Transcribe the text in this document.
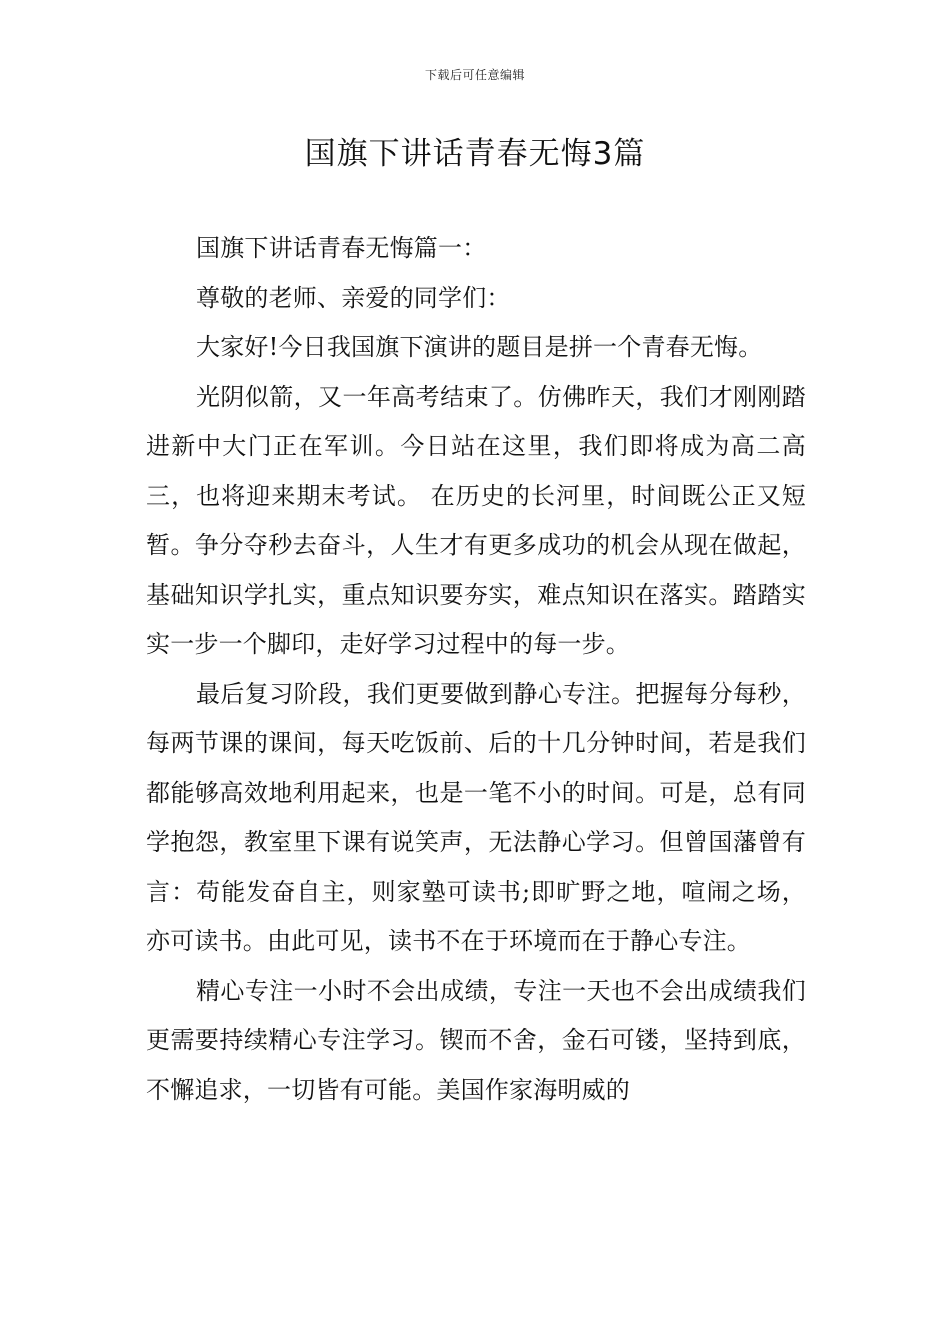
下载后可任意编辑
国旗下讲话青春无悔3篇

国旗下讲话青春无悔篇一：

尊敬的老师、亲爱的同学们：

大家好!今日我国旗下演讲的题目是拼一个青春无悔。

光阴似箭，又一年高考结束了。仿佛昨天，我们才刚刚踏进新中大门正在军训。今日站在这里，我们即将成为高二高三，也将迎来期末考试。 在历史的长河里，时间既公正又短暂。争分夺秒去奋斗，人生才有更多成功的机会从现在做起，基础知识学扎实，重点知识要夯实，难点知识在落实。踏踏实实一步一个脚印，走好学习过程中的每一步。

最后复习阶段，我们更要做到静心专注。把握每分每秒，每两节课的课间，每天吃饭前、后的十几分钟时间，若是我们都能够高效地利用起来，也是一笔不小的时间。可是，总有同学抱怨，教室里下课有说笑声，无法静心学习。但曾国藩曾有言：苟能发奋自主，则家塾可读书;即旷野之地，喧闹之场，亦可读书。由此可见，读书不在于环境而在于静心专注。

精心专注一小时不会出成绩，专注一天也不会出成绩我们更需要持续精心专注学习。锲而不舍，金石可镂，坚持到底，不懈追求，一切皆有可能。美国作家海明威的
